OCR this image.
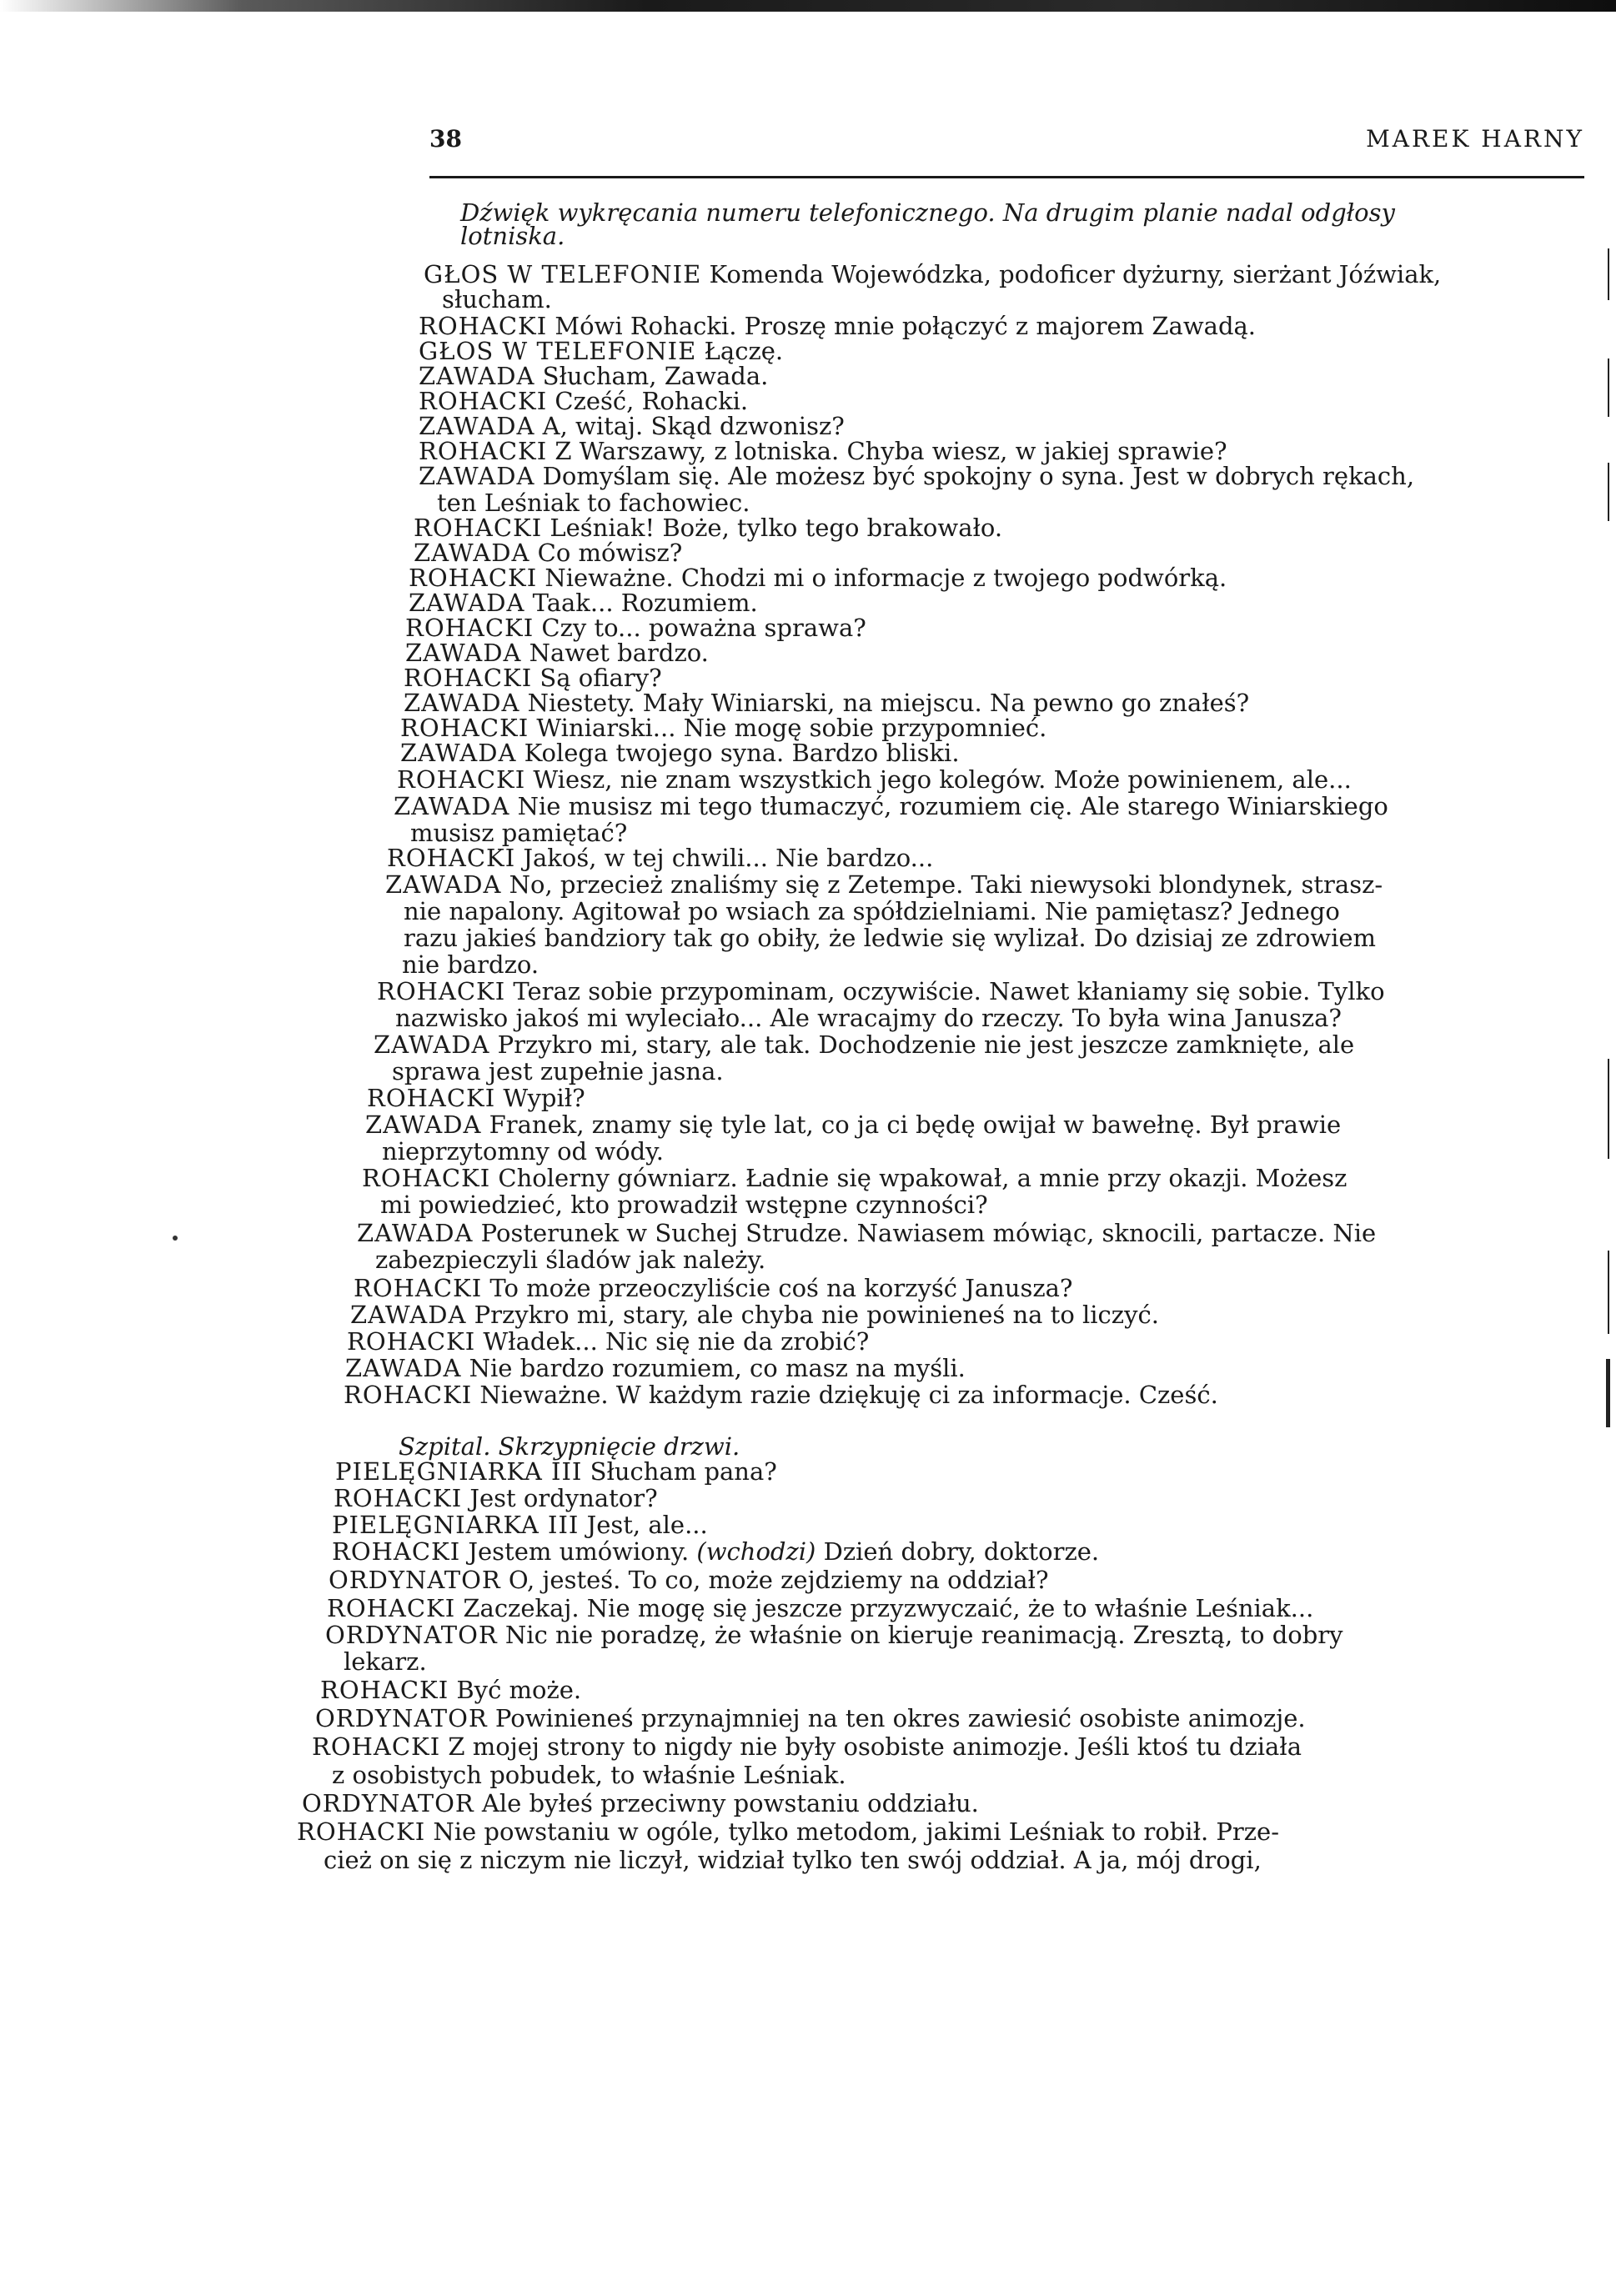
38	MAREK HARNY
Dźwięk wykręcania numeru telefonicznego. Na drugim planie nadal odgłosy
lotniska.
GŁOS W TELEFONIE Komenda Wojewódzka, podoficer dyżurny, sierżant Jóźwiak,
słucham.
ROHACKI Mówi Rohacki. Proszę mnie połączyć z majorem Zawadą.
GŁOS W TELEFONIE Łączę.
ZAWADA Słucham, Zawada.
ROHACKI Cześć, Rohacki.
ZAWADA A, witaj. Skąd dzwonisz?
ROHACKI Z Warszawy, z lotniska. Chyba wiesz, w jakiej sprawie?
ZAWADA Domyślam się. Ale możesz być spokojny o syna. Jest w dobrych rękach,
ten Leśniak to fachowiec.
ROHACKI Leśniak! Boże, tylko tego brakowało.
ZAWADA Co mówisz?
ROHACKI Nieważne. Chodzi mi o informacje z twojego podwórką.
ZAWADA Taak... Rozumiem.
ROHACKI Czy to... poważna sprawa?
ZAWADA Nawet bardzo.
ROHACKI Są ofiary?
ZAWADA Niestety. Mały Winiarski, na miejscu. Na pewno go znałeś?
ROHACKI Winiarski... Nie mogę sobie przypomnieć.
ZAWADA Kolega twojego syna. Bardzo bliski.
ROHACKI Wiesz, nie znam wszystkich jego kolegów. Może powinienem, ale...
ZAWADA Nie musisz mi tego tłumaczyć, rozumiem cię. Ale starego Winiarskiego
musisz pamiętać?
ROHACKI Jakoś, w tej chwili... Nie bardzo...
ZAWADA No, przecież znaliśmy się z Zetempe. Taki niewysoki blondynek, strasz-
nie napalony. Agitował po wsiach za spółdzielniami. Nie pamiętasz? Jednego
razu jakieś bandziory tak go obiły, że ledwie się wylizał. Do dzisiaj ze zdrowiem
nie bardzo.
ROHACKI Teraz sobie przypominam, oczywiście. Nawet kłaniamy się sobie. Tylko
nazwisko jakoś mi wyleciało... Ale wracajmy do rzeczy. To była wina Janusza?
ZAWADA Przykro mi, stary, ale tak. Dochodzenie nie jest jeszcze zamknięte, ale
sprawa jest zupełnie jasna.
ROHACKI Wypił?
ZAWADA Franek, znamy się tyle lat, co ja ci będę owijał w bawełnę. Był prawie
nieprzytomny od wódy.
ROHACKI Cholerny gówniarz. Ładnie się wpakował, a mnie przy okazji. Możesz
mi powiedzieć, kto prowadził wstępne czynności?
ZAWADA Posterunek w Suchej Strudze. Nawiasem mówiąc, sknocili, partacze. Nie
zabezpieczyli śladów jak należy.
ROHACKI To może przeoczyliście coś na korzyść Janusza?
ZAWADA Przykro mi, stary, ale chyba nie powinieneś na to liczyć.
ROHACKI Władek... Nic się nie da zrobić?
ZAWADA Nie bardzo rozumiem, co masz na myśli.
ROHACKI Nieważne. W każdym razie dziękuję ci za informacje. Cześć.
Szpital. Skrzypnięcie drzwi.
PIELĘGNIARKA III Słucham pana?
ROHACKI Jest ordynator?
PIELĘGNIARKA III Jest, ale...
ROHACKI Jestem umówiony. (wchodzi) Dzień dobry, doktorze.
ORDYNATOR O, jesteś. To co, może zejdziemy na oddział?
ROHACKI Zaczekaj. Nie mogę się jeszcze przyzwyczaić, że to właśnie Leśniak...
ORDYNATOR Nic nie poradzę, że właśnie on kieruje reanimacją. Zresztą, to dobry
lekarz.
ROHACKI Być może.
ORDYNATOR Powinieneś przynajmniej na ten okres zawiesić osobiste animozje.
ROHACKI Z mojej strony to nigdy nie były osobiste animozje. Jeśli ktoś tu działa
z osobistych pobudek, to właśnie Leśniak.
ORDYNATOR Ale byłeś przeciwny powstaniu oddziału.
ROHACKI Nie powstaniu w ogóle, tylko metodom, jakimi Leśniak to robił. Prze-
cież on się z niczym nie liczył, widział tylko ten swój oddział. A ja, mój drogi,
